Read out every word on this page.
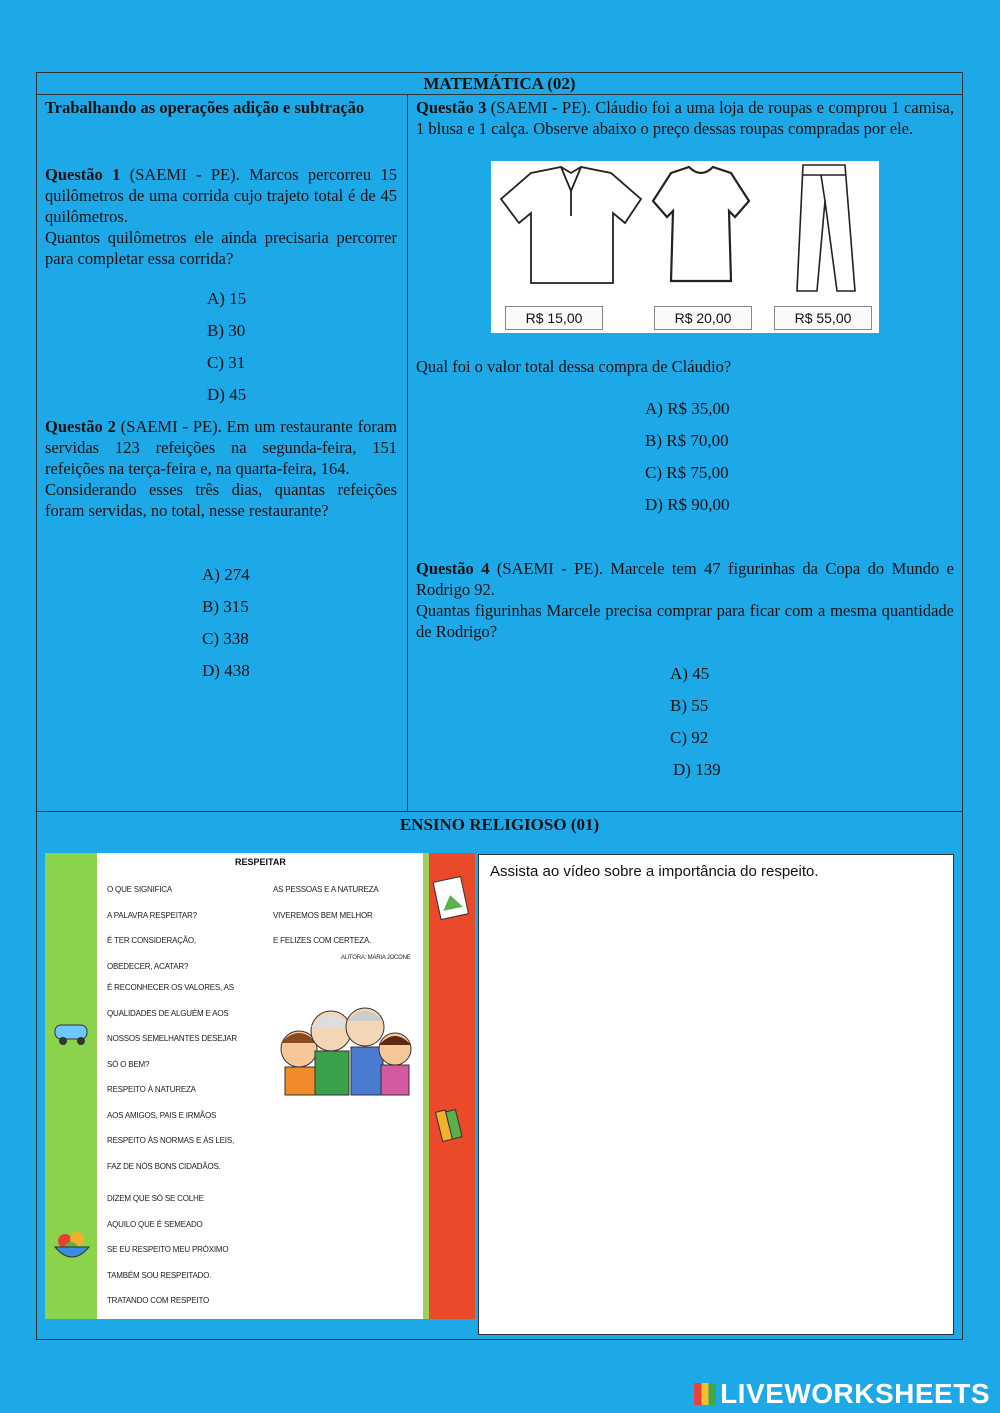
MATEMÁTICA (02)

Trabalhando as operações adição e subtração

Questão 1 (SAEMI - PE). Marcos percorreu 15 quilômetros de uma corrida cujo trajeto total é de 45 quilômetros.

Quantos quilômetros ele ainda precisaria percorrer para completar essa corrida?

A) 15
B) 30
C) 31
D) 45

Questão 2 (SAEMI - PE). Em um restaurante foram servidas 123 refeições na segunda-feira, 151 refeições na terça-feira e, na quarta-feira, 164.

Considerando esses três dias, quantas refeições foram servidas, no total, nesse restaurante?

A) 274
B) 315
C) 338
D) 438

Questão 3 (SAEMI - PE). Cláudio foi a uma loja de roupas e comprou 1 camisa, 1 blusa e 1 calça. Observe abaixo o preço dessas roupas compradas por ele.

R$ 15,00	R$ 20,00	R$ 55,00
Qual foi o valor total dessa compra de Cláudio?
A) R$ 35,00
B) R$ 70,00
C) R$ 75,00
D) R$ 90,00

Questão 4 (SAEMI - PE). Marcele tem 47 figurinhas da Copa do Mundo e Rodrigo 92.

Quantas figurinhas Marcele precisa comprar para ficar com a mesma quantidade de Rodrigo?

A) 45
B) 55
C) 92
D) 139
ENSINO RELIGIOSO (01)
RESPEITAR
O QUE SIGNIFICA
A PALAVRA RESPEITAR?
É TER CONSIDERAÇÃO,
OBEDECER, ACATAR?
É RECONHECER OS VALORES, AS
QUALIDADES DE ALGUÉM E AOS
NOSSOS SEMELHANTES DESEJAR
SÓ O BEM?
RESPEITO À NATUREZA
AOS AMIGOS, PAIS E IRMÃOS
RESPEITO ÀS NORMAS E ÀS LEIS,
FAZ DE NÓS BONS CIDADÃOS.
DIZEM QUE SÓ SE COLHE
AQUILO QUE É SEMEADO
SE EU RESPEITO MEU PRÓXIMO
TAMBÉM SOU RESPEITADO.
TRATANDO COM RESPEITO
AS PESSOAS E A NATUREZA
VIVEREMOS BEM MELHOR
E FELIZES COM CERTEZA.
AUTORA: MARIA JOCONE
Assista ao vídeo sobre a importância do respeito.
LIVEWORKSHEETS
